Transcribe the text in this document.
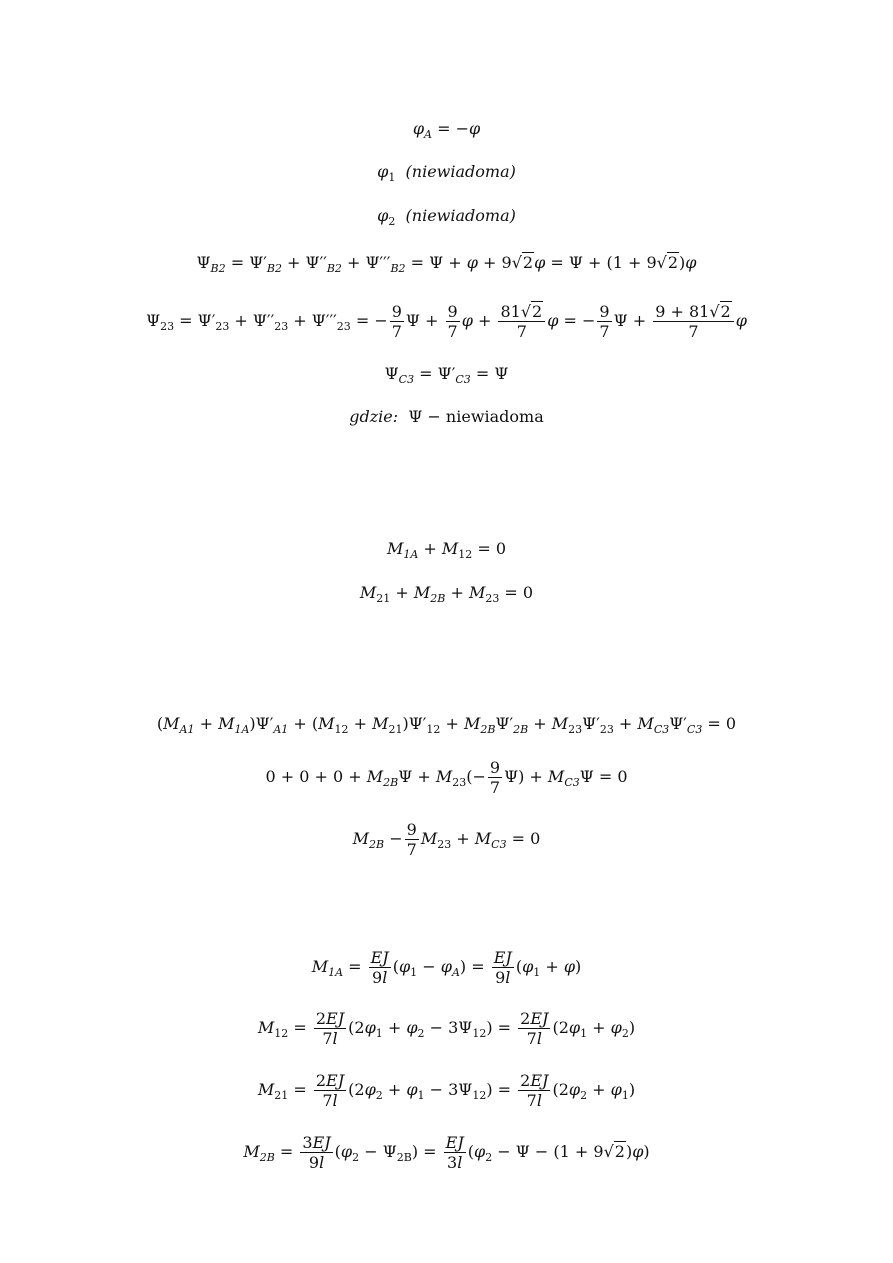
$\varphi_A = -\varphi$
$\varphi_1$ (niewiadoma)
$\varphi_2$ (niewiadoma)
$\Psi_{B2} = \Psi'_{B2} + \Psi''_{B2} + \Psi'''_{B2} = \Psi + \varphi + 9√2\varphi = \Psi + (1 + 9√2)\varphi$
$\Psi_{23} = \Psi'_{23} + \Psi''_{23} + \Psi'''_{23}$ = − $\frac{9}{7}$ $\Psi + \frac{9}{7}$ $\varphi + \frac{81√2}{7}$ φ = − $\frac{9}{7}$ $\Psi + \frac{9 + 81√2}{7}$ φ
$\Psi_{C3} = \Psi'_{C3} = \Psi$
gdzie:  Ψ − niewiadoma
$M_{1A} + M_{12} = 0$
$M_{21} + M_{2B} + M_{23} = 0$
$(M_{A1} + M_{1A})\Psi'_{A1} + (M_{12} + M_{21})\Psi'_{12} + M_{2B}\Psi'_{2B} + M_{23}\Psi'_{23} + M_{C3}\Psi'_{C3} = 0$
$0 + 0 + 0 + M_{2B}\Psi + M_{23}(- \frac{9}{7} \Psi) + M_{C3}\Psi = 0$
$M_{2B} - \frac{9}{7} M_{23} + M_{C3} = 0$
$M_{1A} = \frac{EJ}{9l} (\varphi_1 - \varphi_A) = \frac{EJ}{9l} (\varphi_1 + \varphi)$
$M_{12} = \frac{2EJ}{7l} (2\varphi_1 + \varphi_2 - 3\Psi_{12}) = \frac{2EJ}{7l} (2\varphi_1 + \varphi_2)$
$M_{21} = \frac{2EJ}{7l} (2\varphi_2 + \varphi_1 - 3\Psi_{12}) = \frac{2EJ}{7l} (2\varphi_2 + \varphi_1)$
$M_{2B} = \frac{3EJ}{9l} (\varphi_2 - \Psi_{2B}) = \frac{EJ}{3l} (\varphi_2 - \Psi - (1 + 9√2)\varphi)$
